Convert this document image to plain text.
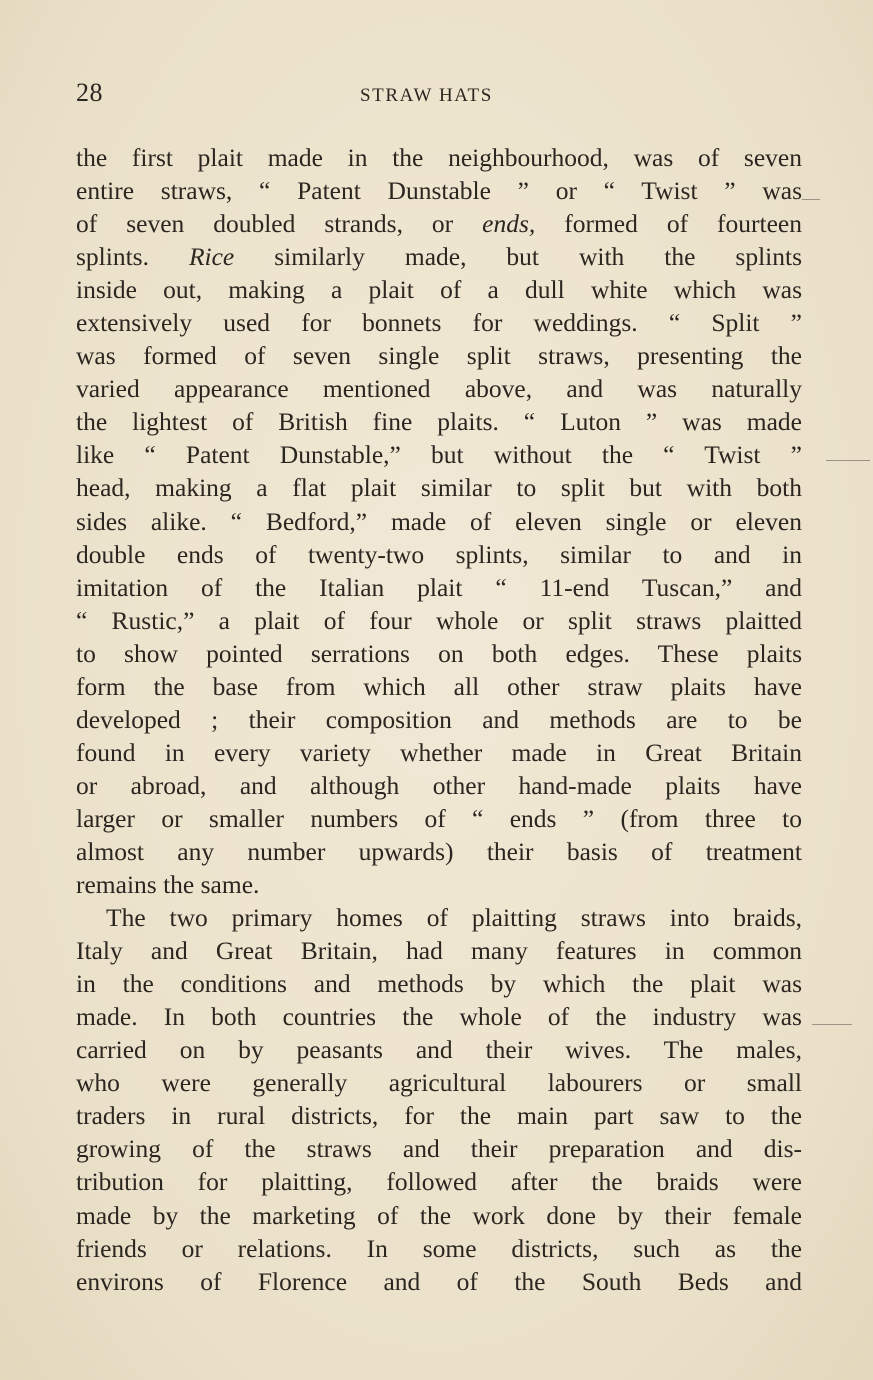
28	STRAW HATS
the first plait made in the neighbourhood, was of seven
entire straws, “ Patent Dunstable ” or “ Twist ” was
of seven doubled strands, or ends, formed of fourteen
splints. Rice similarly made, but with the splints
inside out, making a plait of a dull white which was
extensively used for bonnets for weddings. “ Split ”
was formed of seven single split straws, presenting the
varied appearance mentioned above, and was naturally
the lightest of British fine plaits. “ Luton ” was made
like “ Patent Dunstable,” but without the “ Twist ”
head, making a flat plait similar to split but with both
sides alike. “ Bedford,” made of eleven single or eleven
double ends of twenty-two splints, similar to and in
imitation of the Italian plait “ 11-end Tuscan,” and
“ Rustic,” a plait of four whole or split straws plaitted
to show pointed serrations on both edges. These plaits
form the base from which all other straw plaits have
developed ; their composition and methods are to be
found in every variety whether made in Great Britain
or abroad, and although other hand-made plaits have
larger or smaller numbers of “ ends ” (from three to
almost any number upwards) their basis of treatment
remains the same.
The two primary homes of plaitting straws into braids,
Italy and Great Britain, had many features in common
in the conditions and methods by which the plait was
made. In both countries the whole of the industry was
carried on by peasants and their wives. The males,
who were generally agricultural labourers or small
traders in rural districts, for the main part saw to the
growing of the straws and their preparation and dis-
tribution for plaitting, followed after the braids were
made by the marketing of the work done by their female
friends or relations. In some districts, such as the
environs of Florence and of the South Beds and
